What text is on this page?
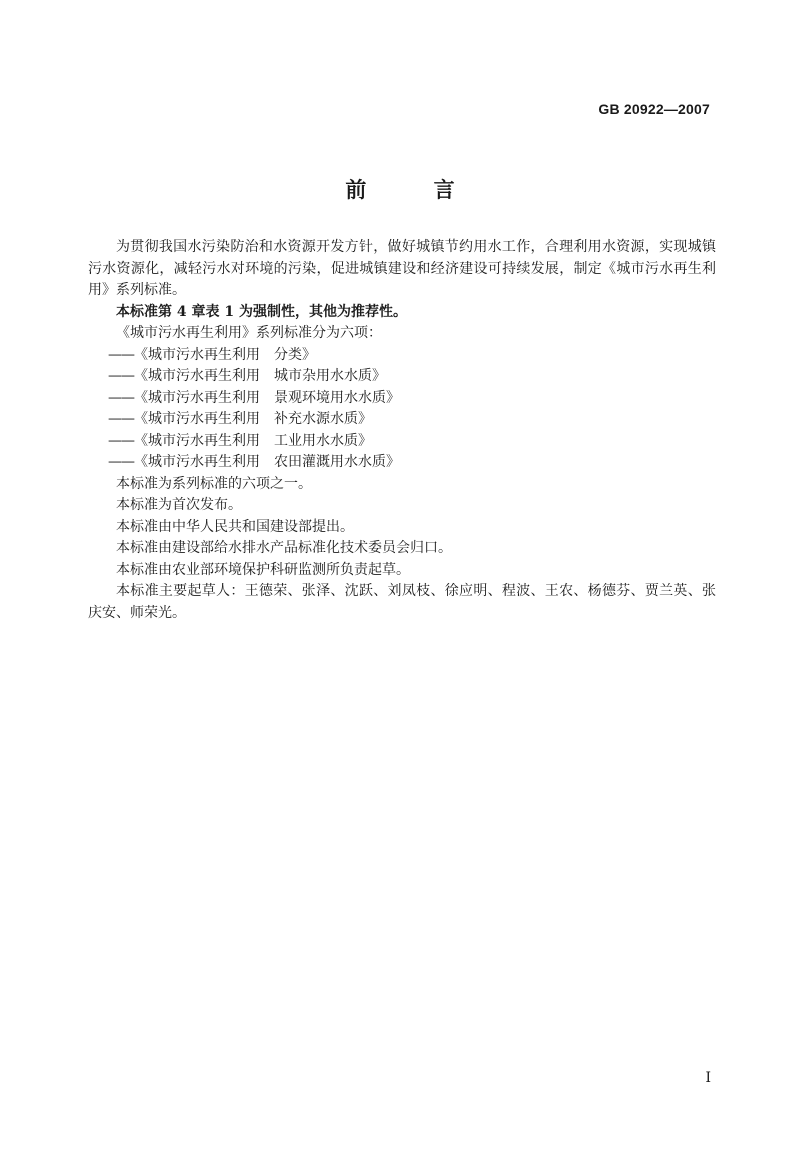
GB 20922—2007
前 言

为贯彻我国水污染防治和水资源开发方针，做好城镇节约用水工作，合理利用水资源，实现城镇污水资源化，减轻污水对环境的污染，促进城镇建设和经济建设可持续发展，制定《城市污水再生利用》系列标准。

本标准第 4 章表 1 为强制性，其他为推荐性。

《城市污水再生利用》系列标准分为六项：

——《城市污水再生利用 分类》

——《城市污水再生利用 城市杂用水水质》

——《城市污水再生利用 景观环境用水水质》

——《城市污水再生利用 补充水源水质》

——《城市污水再生利用 工业用水水质》

——《城市污水再生利用 农田灌溉用水水质》

本标准为系列标准的六项之一。

本标准为首次发布。

本标准由中华人民共和国建设部提出。

本标准由建设部给水排水产品标准化技术委员会归口。

本标准由农业部环境保护科研监测所负责起草。

本标准主要起草人：王德荣、张泽、沈跃、刘凤枝、徐应明、程波、王农、杨德芬、贾兰英、张庆安、师荣光。

I
